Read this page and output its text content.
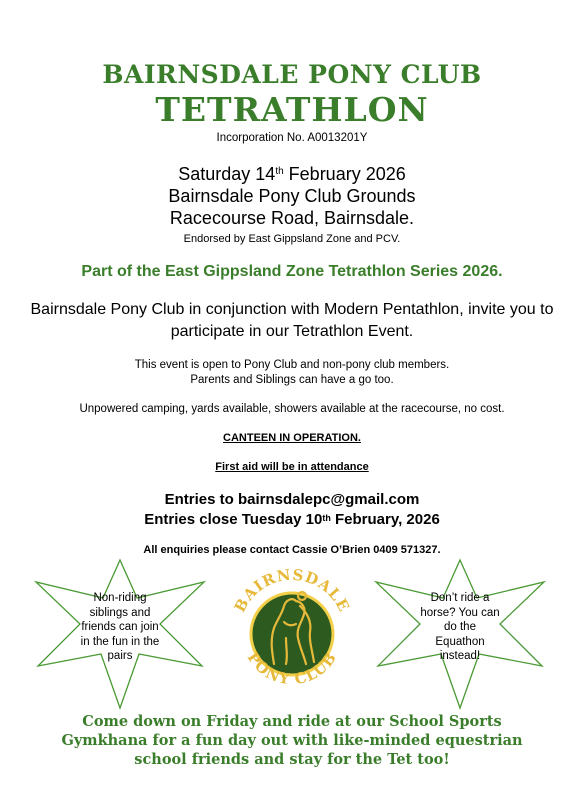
BAIRNSDALE PONY CLUB
TETRATHLON
Incorporation No. A0013201Y
Saturday 14th February 2026
Bairnsdale Pony Club Grounds
Racecourse Road, Bairnsdale.
Endorsed by East Gippsland Zone and PCV.
Part of the East Gippsland Zone Tetrathlon Series 2026.
Bairnsdale Pony Club in conjunction with Modern Pentathlon, invite you to
participate in our Tetrathlon Event.
This event is open to Pony Club and non-pony club members.
Parents and Siblings can have a go too.
Unpowered camping, yards available, showers available at the racecourse, no cost.
CANTEEN IN OPERATION.
First aid will be in attendance
Entries to bairnsdalepc@gmail.com
Entries close Tuesday 10th February, 2026
All enquiries please contact Cassie O’Brien 0409 571327.
Non-riding
siblings and
friends can join
in the fun in the
pairs
Don’t ride a
horse? You can
do the
Equathon
instead!
BAIRNSDALE
PONY CLUB
Come down on Friday and ride at our School Sports
Gymkhana for a fun day out with like-minded equestrian
school friends and stay for the Tet too!
